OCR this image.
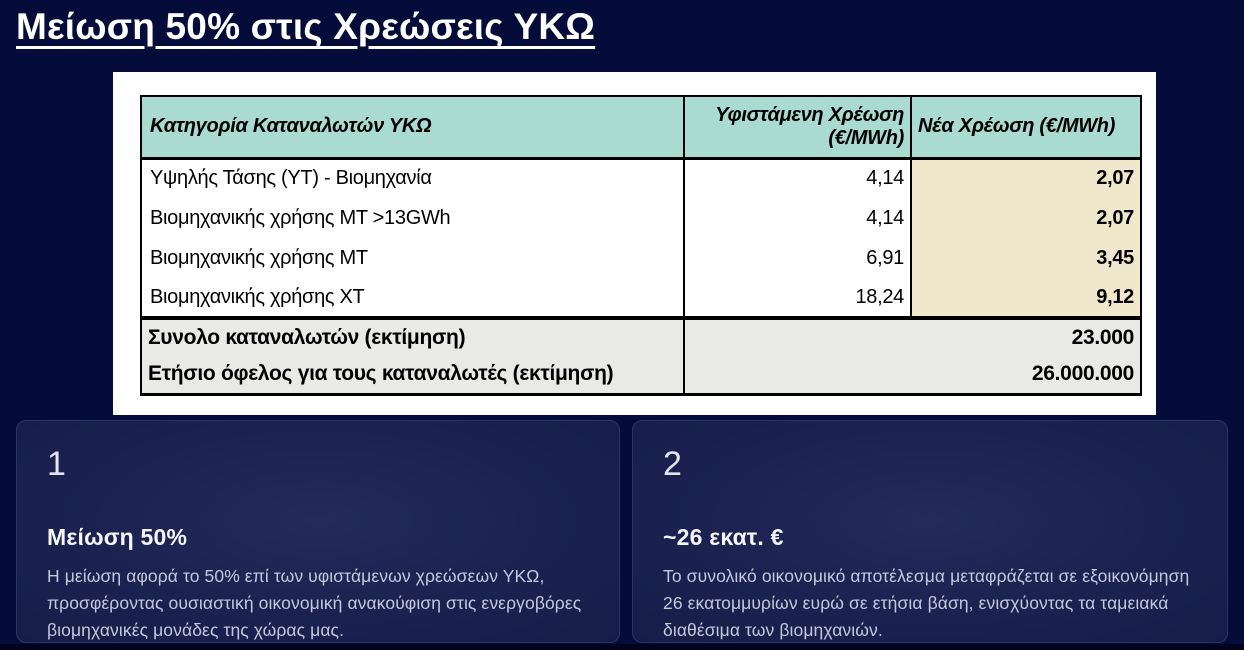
Μείωση 50% στις Χρεώσεις ΥΚΩ
Κατηγορία Καταναλωτών ΥΚΩ	Υφιστάμενη Χρέωση (€/MWh)	Νέα Χρέωση (€/MWh)
Υψηλής Τάσης (ΥΤ) - Βιομηχανία	4,14	2,07
Βιομηχανικής χρήσης ΜΤ >13GWh	4,14	2,07
Βιομηχανικής χρήσης ΜΤ	6,91	3,45
Βιομηχανικής χρήσης ΧΤ	18,24	9,12
Συνολο καταναλωτών (εκτίμηση)	23.000	
Ετήσιο όφελος για τους καταναλωτές (εκτίμηση)	26.000.000	
1
Μείωση 50%
Η μείωση αφορά το 50% επί των υφιστάμενων χρεώσεων ΥΚΩ, προσφέροντας ουσιαστική οικονομική ανακούφιση στις ενεργοβόρες βιομηχανικές μονάδες της χώρας μας.
2
~26 εκατ. €
Το συνολικό οικονομικό αποτέλεσμα μεταφράζεται σε εξοικονόμηση 26 εκατομμυρίων ευρώ σε ετήσια βάση, ενισχύοντας τα ταμειακά διαθέσιμα των βιομηχανιών.
